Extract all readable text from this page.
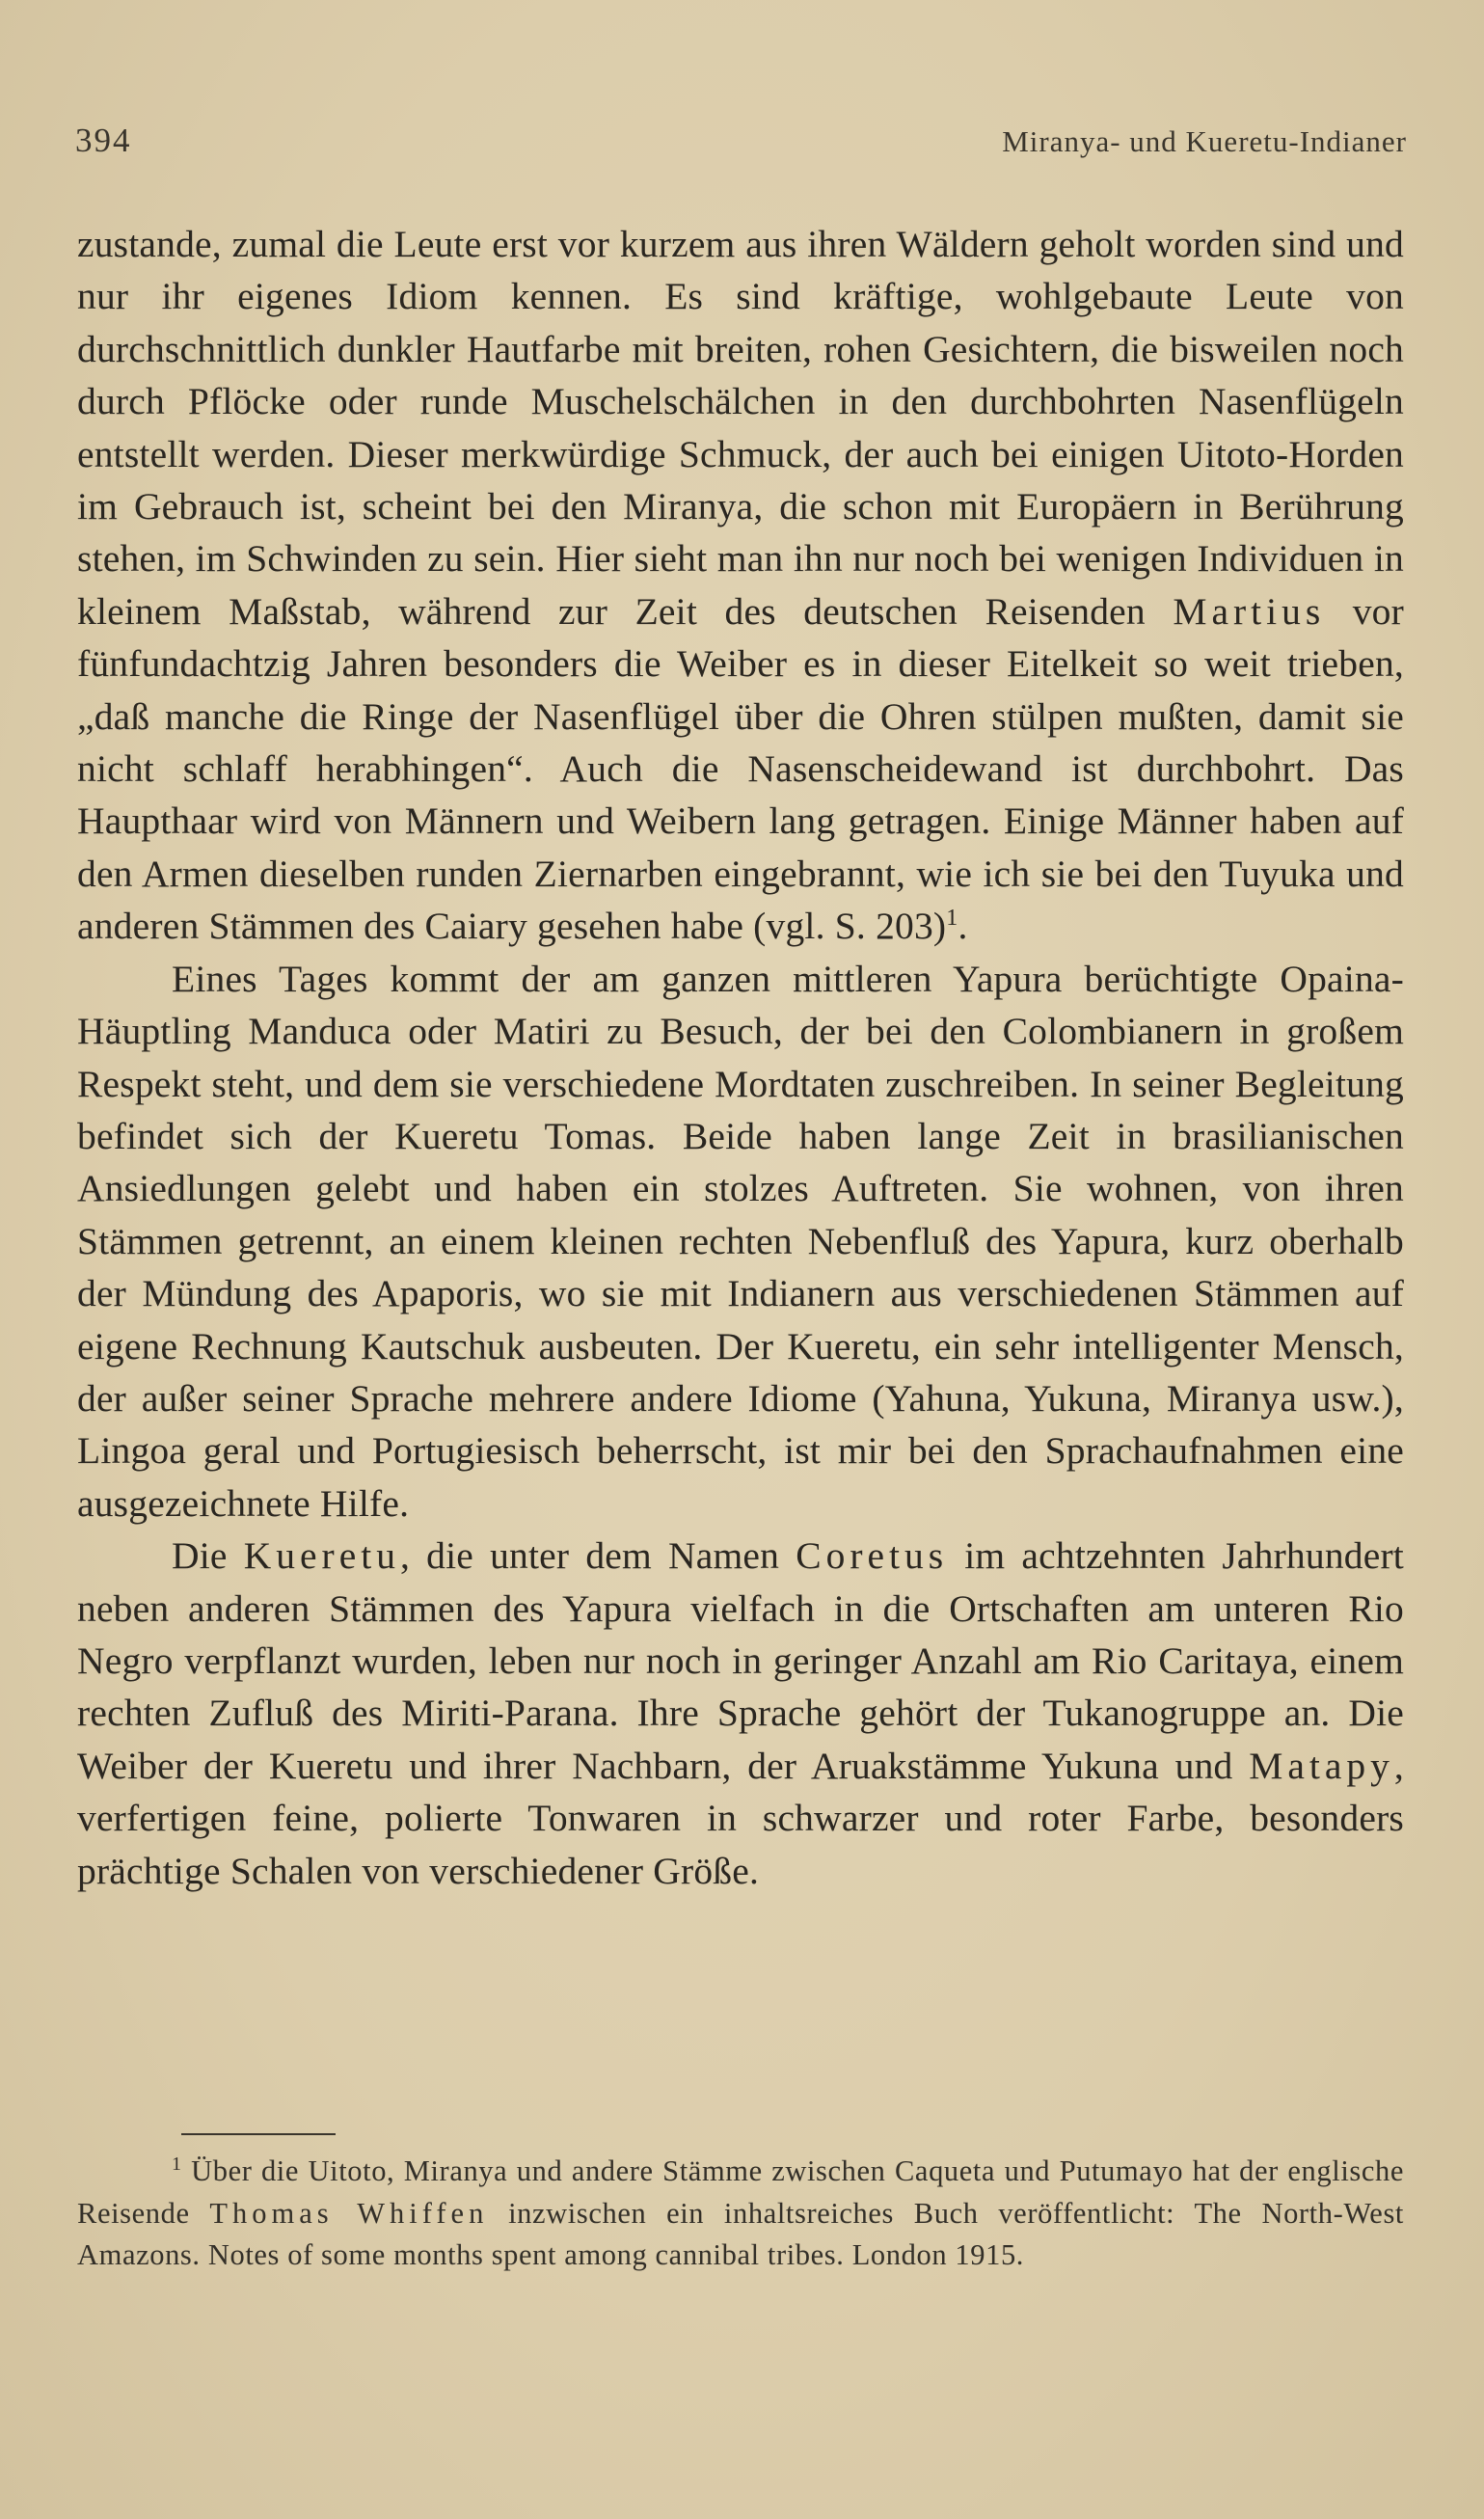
394	Miranya- und Kueretu-Indianer

zustande, zumal die Leute erst vor kurzem aus ihren Wäldern geholt worden sind und nur ihr eigenes Idiom kennen. Es sind kräftige, wohlgebaute Leute von durchschnittlich dunkler Hautfarbe mit breiten, rohen Gesichtern, die bisweilen noch durch Pflöcke oder runde Muschelschälchen in den durchbohrten Nasenflügeln entstellt werden. Dieser merkwürdige Schmuck, der auch bei einigen Uitoto-Horden im Gebrauch ist, scheint bei den Miranya, die schon mit Europäern in Berührung stehen, im Schwinden zu sein. Hier sieht man ihn nur noch bei wenigen Individuen in kleinem Maßstab, während zur Zeit des deutschen Reisenden Martius vor fünfundachtzig Jahren besonders die Weiber es in dieser Eitelkeit so weit trieben, „daß manche die Ringe der Nasenflügel über die Ohren stülpen mußten, damit sie nicht schlaff herabhingen“. Auch die Nasenscheidewand ist durchbohrt. Das Haupthaar wird von Männern und Weibern lang getragen. Einige Männer haben auf den Armen dieselben runden Ziernarben eingebrannt, wie ich sie bei den Tuyuka und anderen Stämmen des Caiary gesehen habe (vgl. S. 203)$^1$.

Eines Tages kommt der am ganzen mittleren Yapura berüchtigte Opaina-Häuptling Manduca oder Matiri zu Besuch, der bei den Colombianern in großem Respekt steht, und dem sie verschiedene Mordtaten zuschreiben. In seiner Begleitung befindet sich der Kueretu Tomas. Beide haben lange Zeit in brasilianischen Ansiedlungen gelebt und haben ein stolzes Auftreten. Sie wohnen, von ihren Stämmen getrennt, an einem kleinen rechten Nebenfluß des Yapura, kurz oberhalb der Mündung des Apaporis, wo sie mit Indianern aus verschiedenen Stämmen auf eigene Rechnung Kautschuk ausbeuten. Der Kueretu, ein sehr intelligenter Mensch, der außer seiner Sprache mehrere andere Idiome (Yahuna, Yukuna, Miranya usw.), Lingoa geral und Portugiesisch beherrscht, ist mir bei den Sprachaufnahmen eine ausgezeichnete Hilfe.

Die Kueretu, die unter dem Namen Coretus im achtzehnten Jahrhundert neben anderen Stämmen des Yapura vielfach in die Ortschaften am unteren Rio Negro verpflanzt wurden, leben nur noch in geringer Anzahl am Rio Caritaya, einem rechten Zufluß des Miriti-Parana. Ihre Sprache gehört der Tukanogruppe an. Die Weiber der Kueretu und ihrer Nachbarn, der Aruakstämme Yukuna und Matapy, verfertigen feine, polierte Tonwaren in schwarzer und roter Farbe, besonders prächtige Schalen von verschiedener Größe.

$^1$ Über die Uitoto, Miranya und andere Stämme zwischen Caqueta und Putumayo hat der englische Reisende Thomas Whiffen inzwischen ein inhaltsreiches Buch veröffentlicht: The North-West Amazons. Notes of some months spent among cannibal tribes. London 1915.
